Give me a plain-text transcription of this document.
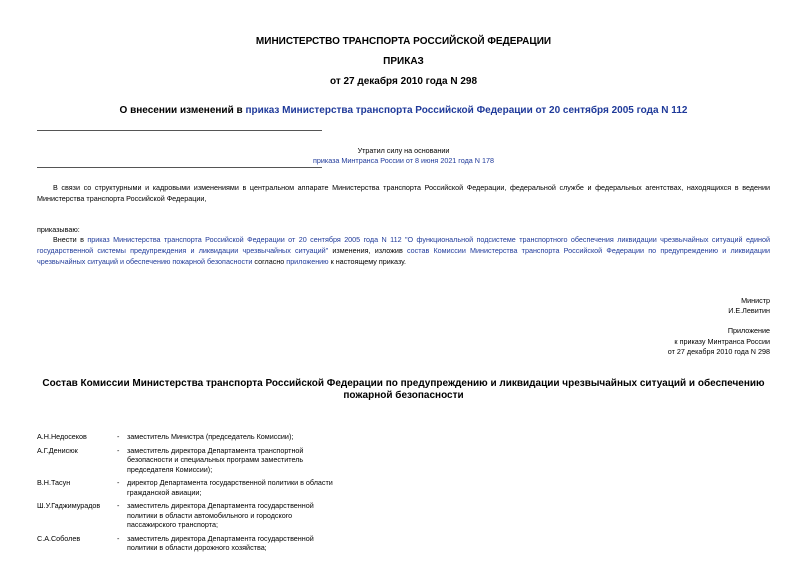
МИНИСТЕРСТВО ТРАНСПОРТА РОССИЙСКОЙ ФЕДЕРАЦИИ
ПРИКАЗ
от 27 декабря 2010 года N 298
О внесении изменений в приказ Министерства транспорта Российской Федерации от 20 сентября 2005 года N 112
Утратил силу на основании
приказа Минтранса России от 8 июня 2021 года N 178
В связи со структурными и кадровыми изменениями в центральном аппарате Министерства транспорта Российской Федерации, федеральной службе и федеральных агентствах, находящихся в ведении Министерства транспорта Российской Федерации,
приказываю:
Внести в приказ Министерства транспорта Российской Федерации от 20 сентября 2005 года N 112 "О функциональной подсистеме транспортного обеспечения ликвидации чрезвычайных ситуаций единой государственной системы предупреждения и ликвидации чрезвычайных ситуаций" изменения, изложив состав Комиссии Министерства транспорта Российской Федерации по предупреждению и ликвидации чрезвычайных ситуаций и обеспечению пожарной безопасности согласно приложению к настоящему приказу.
Министр
И.Е.Левитин
Приложение
к приказу Минтранса России
от 27 декабря 2010 года N 298
Состав Комиссии Министерства транспорта Российской Федерации по предупреждению и ликвидации чрезвычайных ситуаций и обеспечению пожарной безопасности
А.Н.Недосеков	-	заместитель Министра (председатель Комиссии);
А.Г.Денисюк	-	заместитель директора Департамента транспортной безопасности и специальных программ заместитель председателя Комиссии);
В.Н.Тасун	-	директор Департамента государственной политики в области гражданской авиации;
Ш.У.Гаджимурадов	-	заместитель директора Департамента государственной политики в области автомобильного и городского пассажирского транспорта;
С.А.Соболев	-	заместитель директора Департамента государственной политики в области дорожного хозяйства;
